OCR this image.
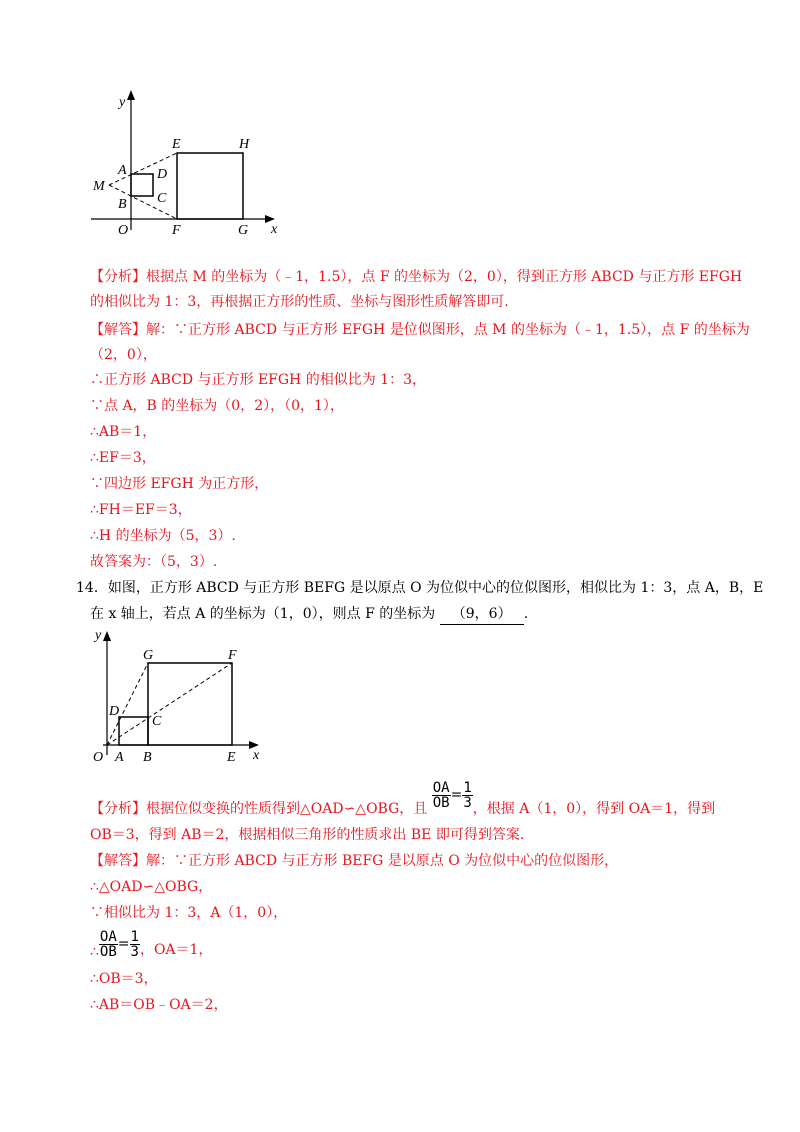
y
x
E	H
A D
M
B C
O	F	G
【分析】根据点 M 的坐标为（﹣1，1.5），点 F 的坐标为（2，0），得到正方形 ABCD 与正方形 EFGH
的相似比为 1：3，再根据正方形的性质、坐标与图形性质解答即可.
【解答】解：∵正方形 ABCD 与正方形 EFGH 是位似图形，点 M 的坐标为（﹣1，1.5），点 F 的坐标为
（2，0），
∴正方形 ABCD 与正方形 EFGH 的相似比为 1：3，
∵点 A，B 的坐标为（0，2），（0，1），
∴AB＝1，
∴EF＝3，
∵四边形 EFGH 为正方形，
∴FH＝EF＝3，
∴H 的坐标为（5，3）.
故答案为：（5，3）.
14．如图，正方形 ABCD 与正方形 BEFG 是以原点 O 为位似中心的位似图形，相似比为 1：3，点 A，B，E
在 x 轴上，若点 A 的坐标为（1，0），则点 F 的坐标为 （9，6） .
y
x
G	F
D
C
O A B	E
【分析】根据位似变换的性质得到△OAD∽△OBG，且 $\frac{OA}{OB} = \frac{1}{3}$ ，根据 A（1，0），得到 OA＝1，得到
OB＝3，得到 AB＝2，根据相似三角形的性质求出 BE 即可得到答案.
【解答】解：∵正方形 ABCD 与正方形 BEFG 是以原点 O 为位似中心的位似图形，
∴△OAD∽△OBG，
∵相似比为 1：3，A（1，0），
∴ $\frac{OA}{OB} = \frac{1}{3}$ ，OA＝1，
∴OB＝3，
∴AB＝OB﹣OA＝2，
